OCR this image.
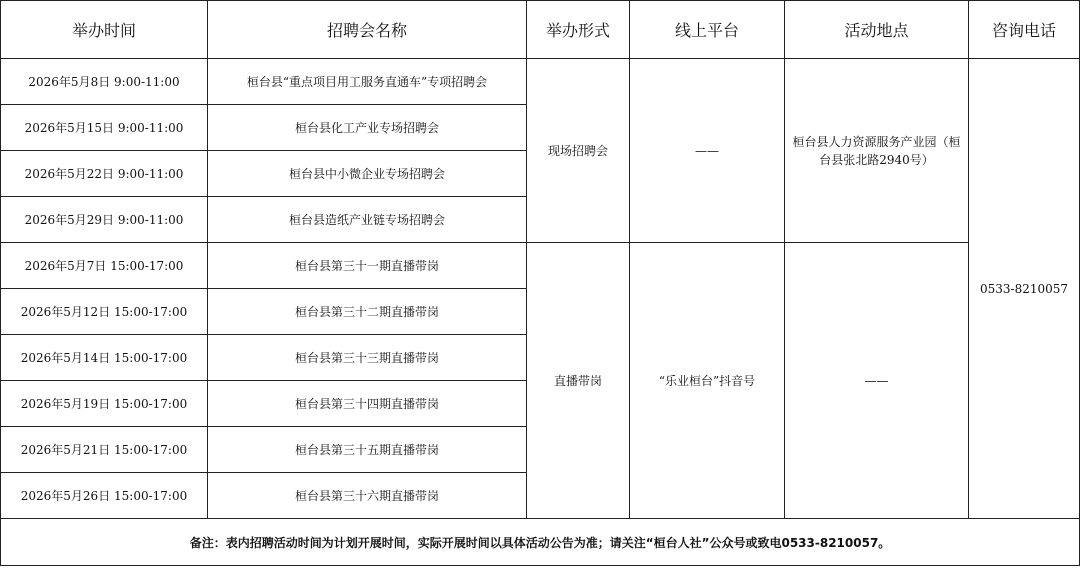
举办时间	招聘会名称	举办形式	线上平台	活动地点	咨询电话
2026年5月8日 9:00-11:00	桓台县“重点项目用工服务直通车”专项招聘会	现场招聘会	——	桓台县人力资源服务产业园（桓台县张北路2940号）	0533-8210057
2026年5月15日 9:00-11:00	桓台县化工产业专场招聘会				
2026年5月22日 9:00-11:00	桓台县中小微企业专场招聘会				
2026年5月29日 9:00-11:00	桓台县造纸产业链专场招聘会				
2026年5月7日 15:00-17:00	桓台县第三十一期直播带岗	直播带岗	“乐业桓台”抖音号	——	
2026年5月12日 15:00-17:00	桓台县第三十二期直播带岗				
2026年5月14日 15:00-17:00	桓台县第三十三期直播带岗				
2026年5月19日 15:00-17:00	桓台县第三十四期直播带岗				
2026年5月21日 15:00-17:00	桓台县第三十五期直播带岗				
2026年5月26日 15:00-17:00	桓台县第三十六期直播带岗				
备注：表内招聘活动时间为计划开展时间，实际开展时间以具体活动公告为准；请关注“桓台人社”公众号或致电0533-8210057。					
